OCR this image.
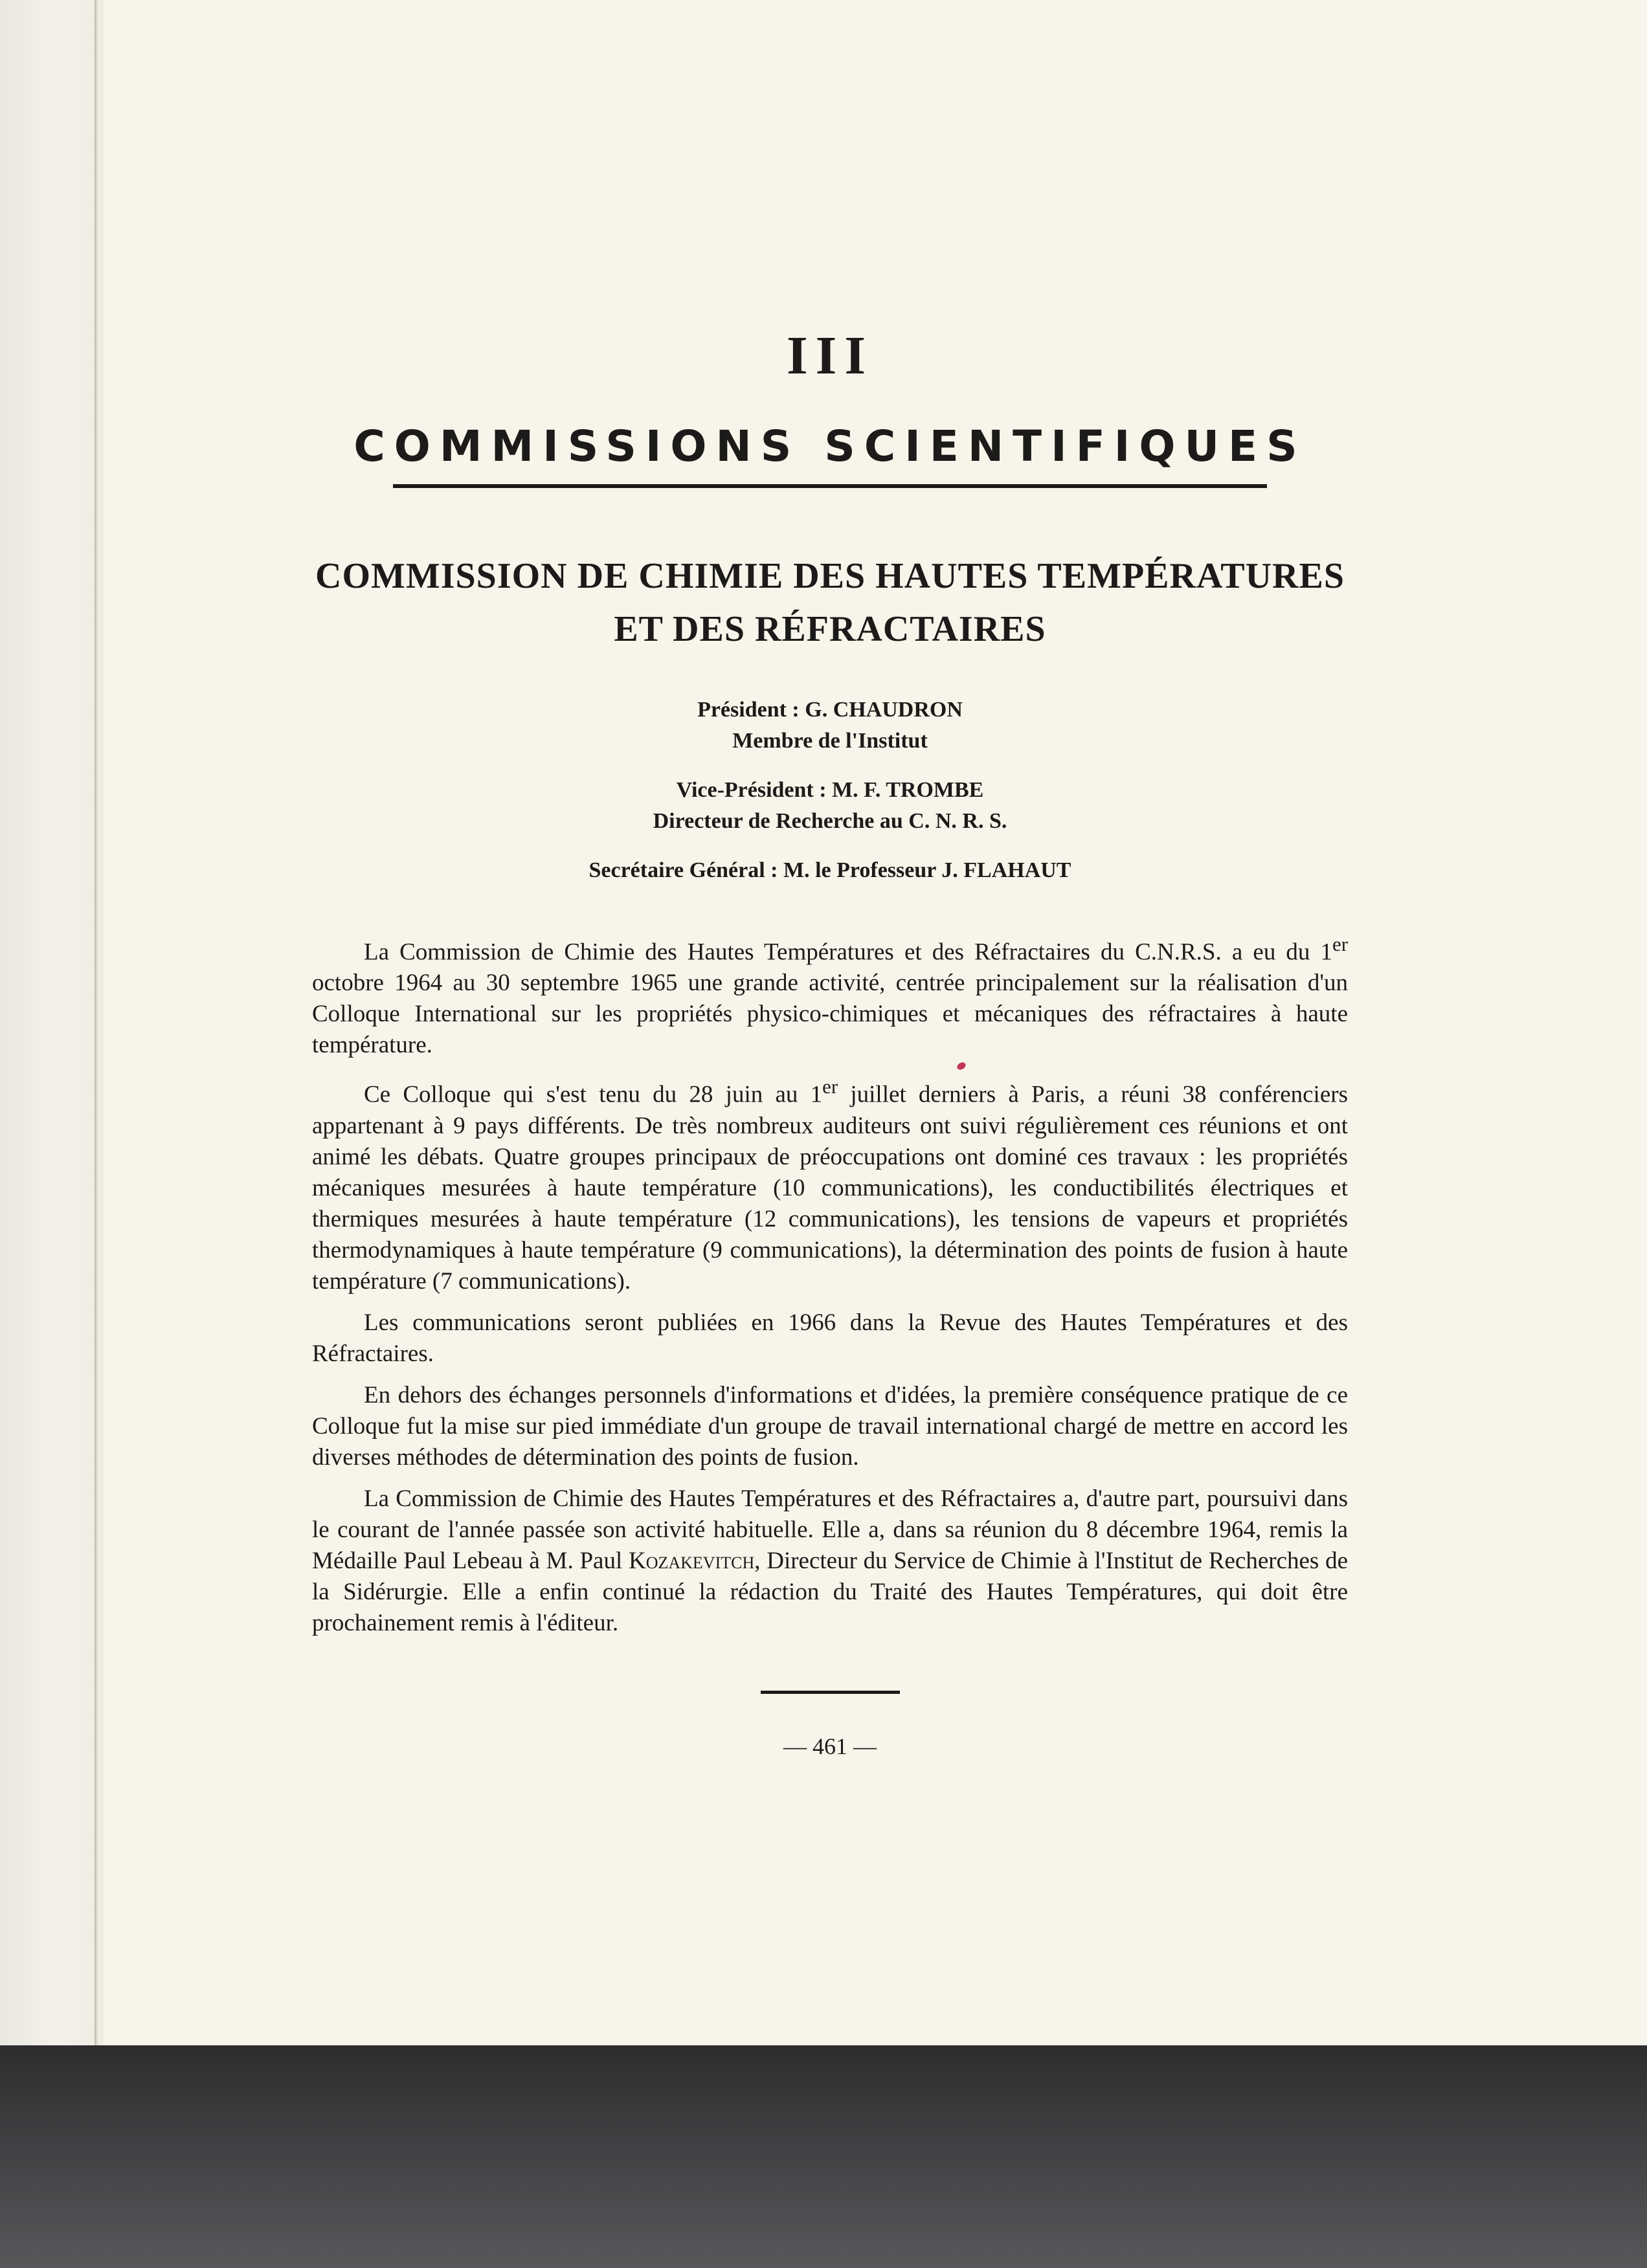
III
COMMISSIONS SCIENTIFIQUES
COMMISSION DE CHIMIE DES HAUTES TEMPÉRATURES
ET DES RÉFRACTAIRES
Président : G. CHAUDRON
Membre de l'Institut
Vice-Président : M. F. TROMBE
Directeur de Recherche au C. N. R. S.
Secrétaire Général : M. le Professeur J. FLAHAUT

La Commission de Chimie des Hautes Températures et des Réfractaires du C.N.R.S. a eu du 1er octobre 1964 au 30 septembre 1965 une grande activité, centrée principalement sur la réalisation d'un Colloque International sur les propriétés physico-chimiques et mécaniques des réfractaires à haute température.

Ce Colloque qui s'est tenu du 28 juin au 1er juillet derniers à Paris, a réuni 38 conférenciers appartenant à 9 pays différents. De très nombreux auditeurs ont suivi régulièrement ces réunions et ont animé les débats. Quatre groupes principaux de préoccupations ont dominé ces travaux : les propriétés mécaniques mesurées à haute température (10 communications), les conductibilités électriques et thermiques mesurées à haute température (12 communications), les tensions de vapeurs et propriétés thermodynamiques à haute température (9 communications), la détermination des points de fusion à haute température (7 communications).

Les communications seront publiées en 1966 dans la Revue des Hautes Températures et des Réfractaires.

En dehors des échanges personnels d'informations et d'idées, la première conséquence pratique de ce Colloque fut la mise sur pied immédiate d'un groupe de travail international chargé de mettre en accord les diverses méthodes de détermination des points de fusion.

La Commission de Chimie des Hautes Températures et des Réfractaires a, d'autre part, poursuivi dans le courant de l'année passée son activité habituelle. Elle a, dans sa réunion du 8 décembre 1964, remis la Médaille Paul Lebeau à M. Paul Kozakevitch, Directeur du Service de Chimie à l'Institut de Recherches de la Sidérurgie. Elle a enfin continué la rédaction du Traité des Hautes Températures, qui doit être prochainement remis à l'éditeur.

— 461 —
